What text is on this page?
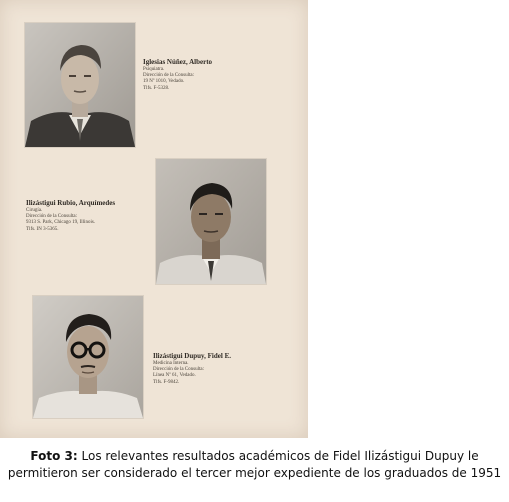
Iglesias Núñez, Alberto
Psiquiatra.
Dirección de la Consulta:
19 Nº 1010, Vedado.
Tlfs. F-5328.
Ilizástigui Rubio, Arquímedes
Cirugía.
Dirección de la Consulta:
9313 S. Park, Chicago 19, Illinois.
Tlfs. IN 3-5365.
Ilizástigui Dupuy, Fidel E.
Medicina Interna.
Dirección de la Consulta:
Línea Nº 61, Vedado.
Tlfs. F-9842.
Foto 3: Los relevantes resultados académicos de Fidel Ilizástigui Dupuy le permitieron ser considerado el tercer mejor expediente de los graduados de 1951
